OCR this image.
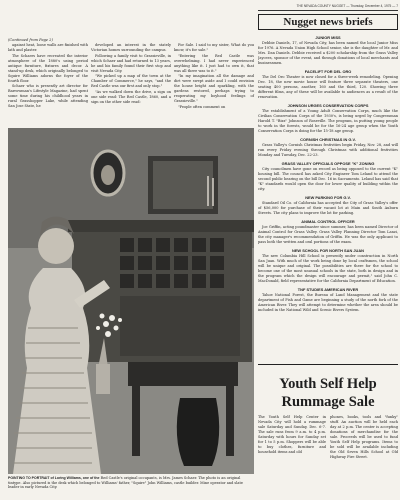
THE NEVADA COUNTY NUGGET — Thursday, December 4, 1975 — 7
(Continued from Page 2)

against heat, loose walls are finished with lath and plaster.

The Schaers have recreated the interior atmosphere of the 1880's using period antique furniture, fixtures and decor. A stand-up desk, which originally belonged to Squire Williams adorns the foyer of the fourth floor.

Schaer who is presently art director for Barrowman's Lifestyle Magazine, had spent some time during his childhood years in rural Grasshopper Lake, while attending San Jose State, he

developed an interest in the stately Victorian homes surrounding the campus.

Following a family visit to Grassieville, in which Schaer and had returned to 13 years, he and his family found their first stop and visit Nevada City.

"We picked up a map of the town at the Chamber of Commerce," he says, "and the Red Castle was our first and only stop."

"As we walked down the drive, a sign on one side read: The Red Castle, 1860, and a sign on the other side read:

For Sale. I said to my sister, What do you know, it's for sale."

"Entering the Red Castle was overwhelming. I had never experienced anything like it. I just had to own it, that was all there was to it."

"In my imagination all the damage and dirt were swept aside and I could envision the house bright and sparkling, with the gardens restored, perhaps trying to reoperating my boyhood feelings of Grassieville."

"People often comment on

POINTING TO PORTRAIT of Loring Williams, one of the Red Castle's original occupants, is Mrs. James Schaer. The photo is an original tintype. Also pictured is the desk which belonged to Williams' father, "Squire" John Williams, castle builder. Mine operator and slate leader in early Nevada City.
Nugget news briefs
JUNIOR MISS

Debbie Daniels, 17, of Nevada City, has been named the local Junior Miss for 1976. A Nevada Union High School senior, she is the daughter of Mr. and Mrs. Dan Daniels. Debbie received a $200 scholarship from the Grass Valley Jaycees, sponsor of the event, and through donations of local merchants and businessmen.

FACELIFT FOR DEL ORO

The Del Oro Theater is now closed for a three-week remodeling. Opening Dec. 18, the new movie house will feature three separate theaters, one seating 400 persons, another, 160 and the third, 120. Showing three different films, any of these will be available to audiences as a result of the renovation.

JOHNSON URGES CONSERVATION CORPS

The establishment of a Young Adult Conservation Corps, much like the Civilian Conservation Corps of the 1930's, is being urged by Congressman Harold T. "Bizz" Johnson of Roseville. The program, in putting young people to work in the forests, would be for the 16-24 age group when the Youth Conservation Corps is doing for the 15-18 age group.

CORNISH CHRISTMAS IN G.V.

Grass Valley's Cornish Christmas festivities begin Friday, Nov. 28, and will run every Friday evening through Christmas with additional festivities Monday and Tuesday, Dec. 22-23.

GRASS VALLEY OFFICIALS OPPOSE "K" ZONING

City councilmen have gone on record as being opposed to the current "K" housing bill. The council has asked City Engineer Tom Leland to attend the second public hearing on the bill Dec. 16 in Sacramento. Leland has said that "K" standards would open the door for lower quality of building within the city.

NEW PARKING FOR G.V.

Standard Oil Co. of California has accepted the City of Grass Valley's offer of $56,000 for purchase of their vacant lot at Main and South Auburn Streets. The city plans to improve the lot for parking.

ANIMAL CONTROL OFFICER

Joe Griffin, acting poundmaster since summer, has been named Director of Animal Control for Grass Valley. Grass Valley Planning Director Tom Lanzi, the city manager's recommendation of Griffin. He was the only applicant to pass both the written and oral portions of the exam.

NEW SCHOOL FOR NORTH SAN JUAN

The new Columbia Hill School is presently under construction in North San Juan. With much of the work being done by local craftsmen, the school will be unique and original. The possibilities are there for the school to become one of the most unusual schools in the state, both in design and in the program which the design will encourage and permit," said John C. MacDonald, field representative for the California Department of Education.

TNF STUDIES AMERICAN RIVER

Tahoe National Forest, the Bureau of Land Management and the state department of Fish and Game are beginning a study of the north fork of the American River. They will attempt to determine whether the area should be included in the National Wild and Scenic Rivers System.

Youth Self Help
Rummage Sale
The Youth Self Help Center in Nevada City will hold a rummage sale Saturday and Sunday, Dec. 6-7. The sale runs from 9 a.m. to 4 p.m. Saturday with hours for Sunday set for 1 to 5 p.m. Shoppers will be able to buy clothes, furniture and household items and old
phones, books, tools and "funky" stuff. An auction will be held each day at 2 p.m. The center is accepting donations of merchandise for the sale. Proceeds will be used to fund Youth Self Help programs. Items to be sold will be available including the Old Seven Hills School at Old Highway Fire Street.
